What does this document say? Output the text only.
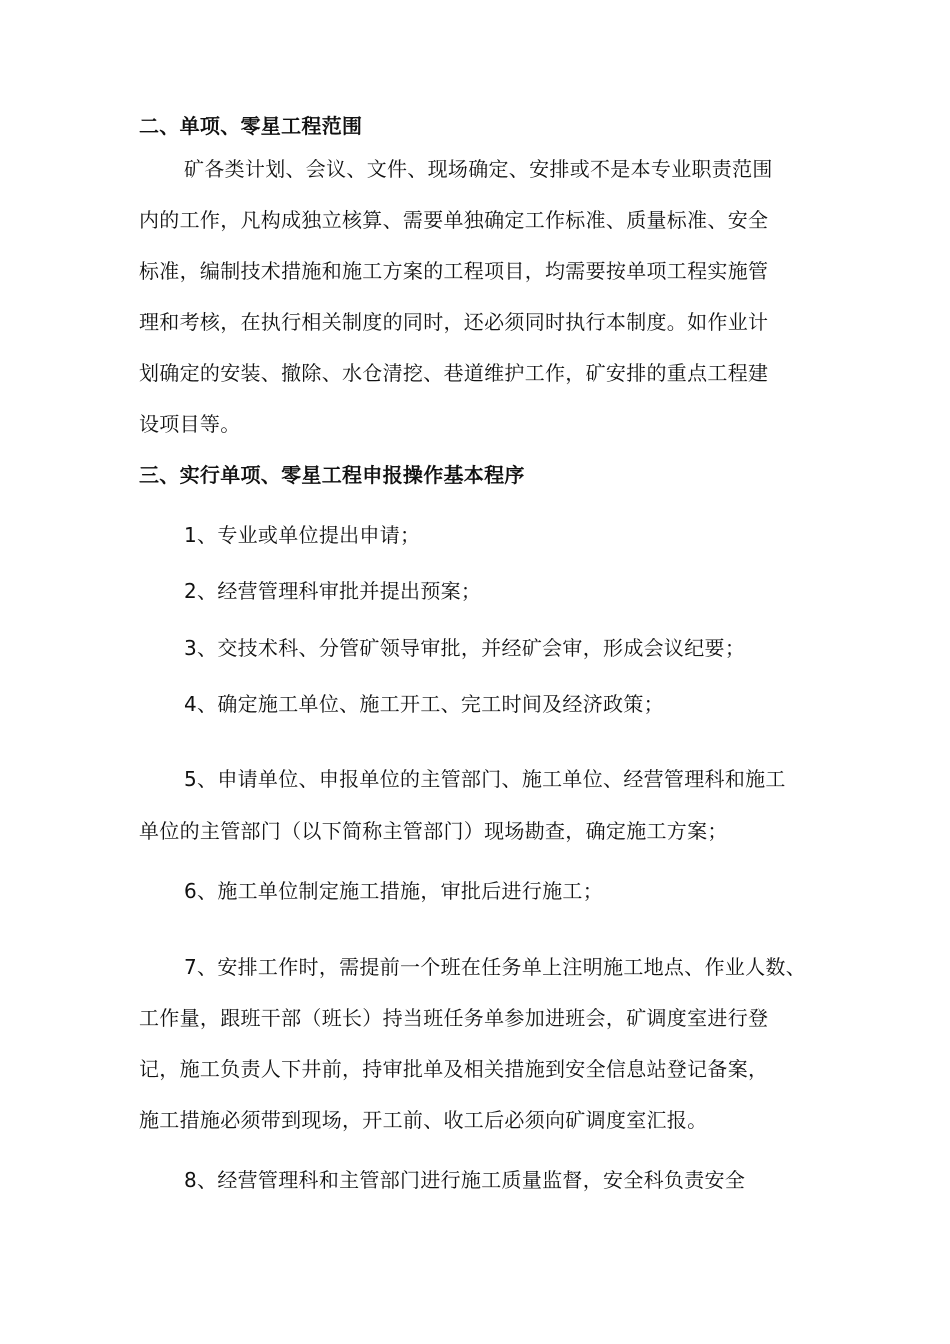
二、单项、零星工程范围
矿各类计划、会议、文件、现场确定、安排或不是本专业职责范围
内的工作，凡构成独立核算、需要单独确定工作标准、质量标准、安全
标准，编制技术措施和施工方案的工程项目，均需要按单项工程实施管
理和考核，在执行相关制度的同时，还必须同时执行本制度。如作业计
划确定的安装、撤除、水仓清挖、巷道维护工作，矿安排的重点工程建
设项目等。
三、实行单项、零星工程申报操作基本程序
1、专业或单位提出申请；
2、经营管理科审批并提出预案；
3、交技术科、分管矿领导审批，并经矿会审，形成会议纪要；
4、确定施工单位、施工开工、完工时间及经济政策；
5、申请单位、申报单位的主管部门、施工单位、经营管理科和施工
单位的主管部门（以下简称主管部门）现场勘查，确定施工方案；
6、施工单位制定施工措施，审批后进行施工；
7、安排工作时，需提前一个班在任务单上注明施工地点、作业人数、
工作量，跟班干部（班长）持当班任务单参加进班会，矿调度室进行登
记，施工负责人下井前，持审批单及相关措施到安全信息站登记备案，
施工措施必须带到现场，开工前、收工后必须向矿调度室汇报。
8、经营管理科和主管部门进行施工质量监督，安全科负责安全
